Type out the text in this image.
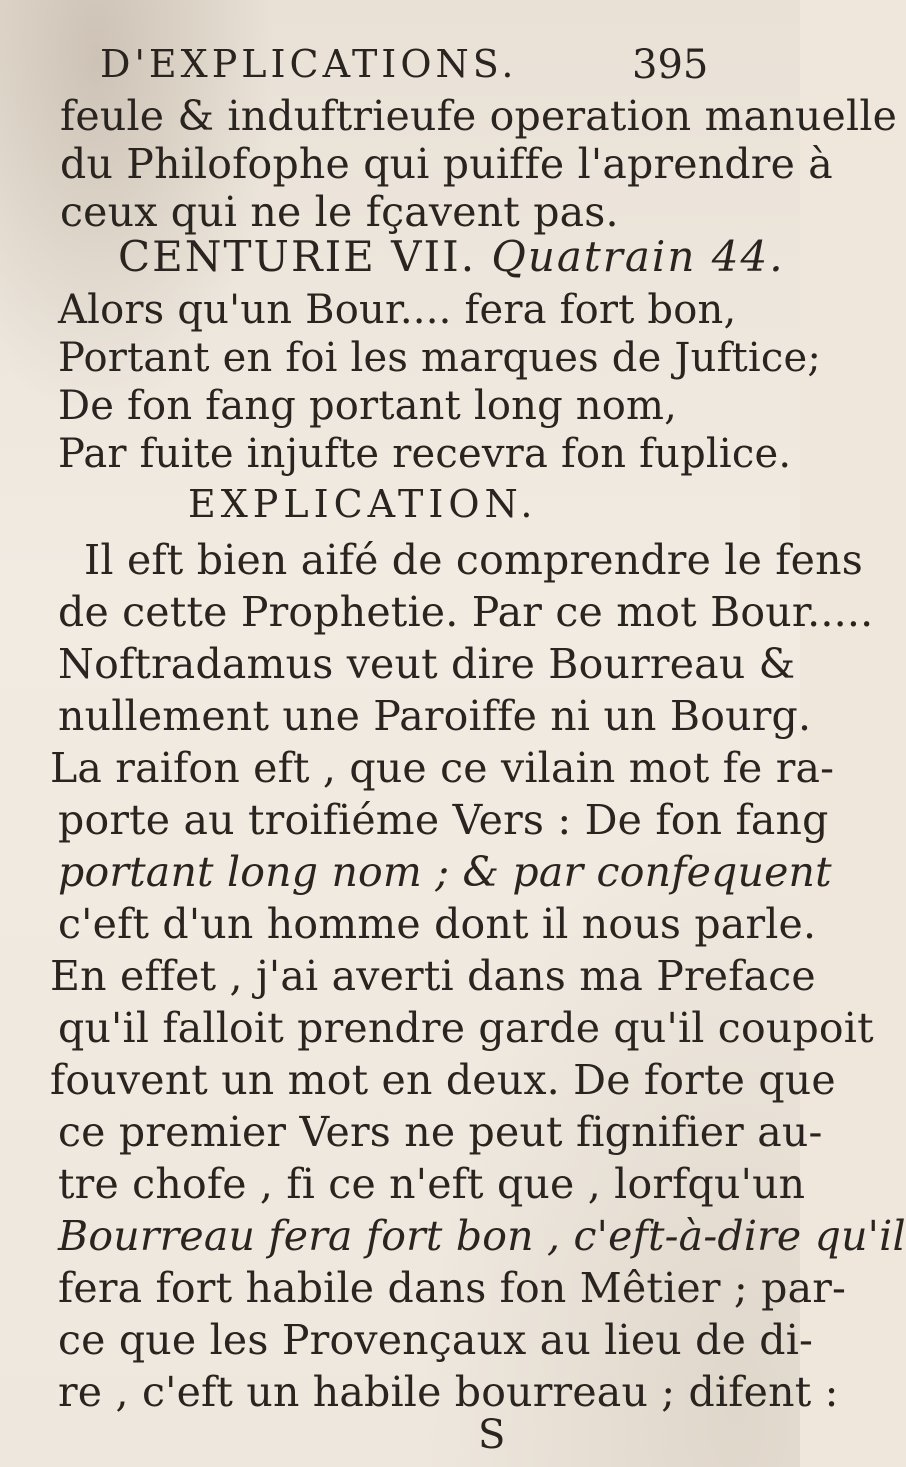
D'EXPLICATIONS.	395
feule & induftrieufe operation manuelle
du Philofophe qui puiffe l'aprendre à
ceux qui ne le fçavent pas.
CENTURIE VII. Quatrain 44.
Alors qu'un Bour.... fera fort bon,
Portant en foi les marques de Juftice;
De fon fang portant long nom,
Par fuite injufte recevra fon fuplice.
EXPLICATION.
Il eft bien aifé de comprendre le fens
de cette Prophetie. Par ce mot Bour.....
Noftradamus veut dire Bourreau &
nullement une Paroiffe ni un Bourg.
La raifon eft , que ce vilain mot fe ra-
porte au troifiéme Vers : De fon fang
portant long nom ; & par confequent
c'eft d'un homme dont il nous parle.
En effet , j'ai averti dans ma Preface
qu'il falloit prendre garde qu'il coupoit
fouvent un mot en deux. De forte que
ce premier Vers ne peut fignifier au-
tre chofe , fi ce n'eft que , lorfqu'un
Bourreau fera fort bon , c'eft-à-dire qu'il
fera fort habile dans fon Mêtier ; par-
ce que les Provençaux au lieu de di-
re , c'eft un habile bourreau ; difent :
S
